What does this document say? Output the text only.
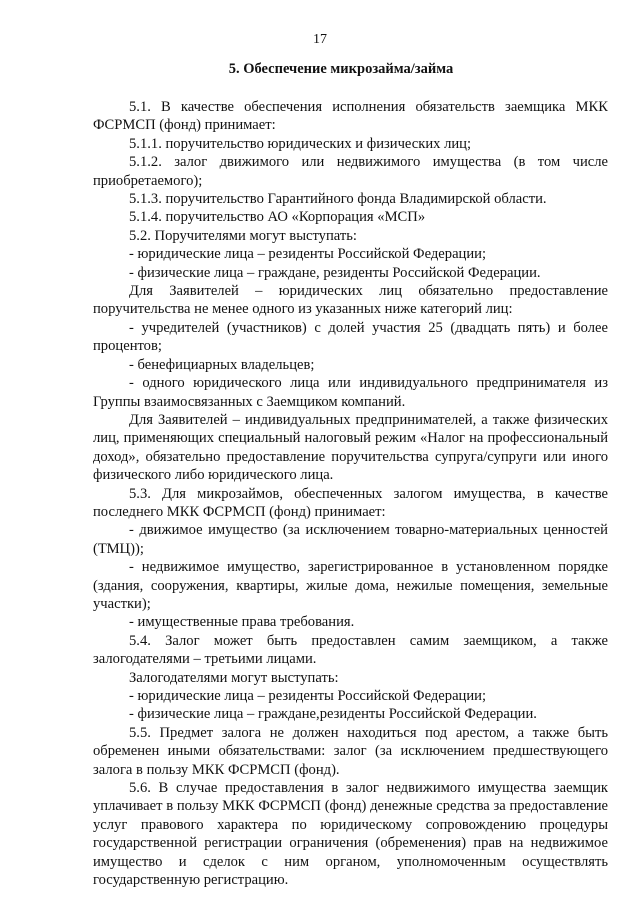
17
5. Обеспечение микрозайма/займа

5.1. В качестве обеспечения исполнения обязательств заемщика МКК ФСРМСП (фонд) принимает:

5.1.1. поручительство юридических и физических лиц;

5.1.2. залог движимого или недвижимого имущества (в том числе приобретаемого);

5.1.3. поручительство Гарантийного фонда Владимирской области.

5.1.4. поручительство АО «Корпорация «МСП»

5.2. Поручителями могут выступать:

- юридические лица – резиденты Российской Федерации;

- физические лица – граждане, резиденты Российской Федерации.

Для Заявителей – юридических лиц обязательно предоставление поручительства не менее одного из указанных ниже категорий лиц:

- учредителей (участников) с долей участия 25 (двадцать пять) и более процентов;

- бенефициарных владельцев;

- одного юридического лица или индивидуального предпринимателя из Группы взаимосвязанных с Заемщиком компаний.

Для Заявителей – индивидуальных предпринимателей, а также физических лиц, применяющих специальный налоговый режим «Налог на профессиональный доход», обязательно предоставление поручительства супруга/супруги или иного физического либо юридического лица.

5.3. Для микрозаймов, обеспеченных залогом имущества, в качестве последнего МКК ФСРМСП (фонд) принимает:

- движимое имущество (за исключением товарно-материальных ценностей (ТМЦ));

- недвижимое имущество, зарегистрированное в установленном порядке (здания, сооружения, квартиры, жилые дома, нежилые помещения, земельные участки);

- имущественные права требования.

5.4. Залог может быть предоставлен самим заемщиком, а также залогодателями – третьими лицами.

Залогодателями могут выступать:

- юридические лица – резиденты Российской Федерации;

- физические лица – граждане,резиденты Российской Федерации.

5.5. Предмет залога не должен находиться под арестом, а также быть обременен иными обязательствами: залог (за исключением предшествующего залога в пользу МКК ФСРМСП (фонд).

5.6. В случае предоставления в залог недвижимого имущества заемщик уплачивает в пользу МКК ФСРМСП (фонд) денежные средства за предоставление услуг правового характера по юридическому сопровождению процедуры государственной регистрации ограничения (обременения) прав на недвижимое имущество и сделок с ним органом, уполномоченным осуществлять государственную регистрацию.
